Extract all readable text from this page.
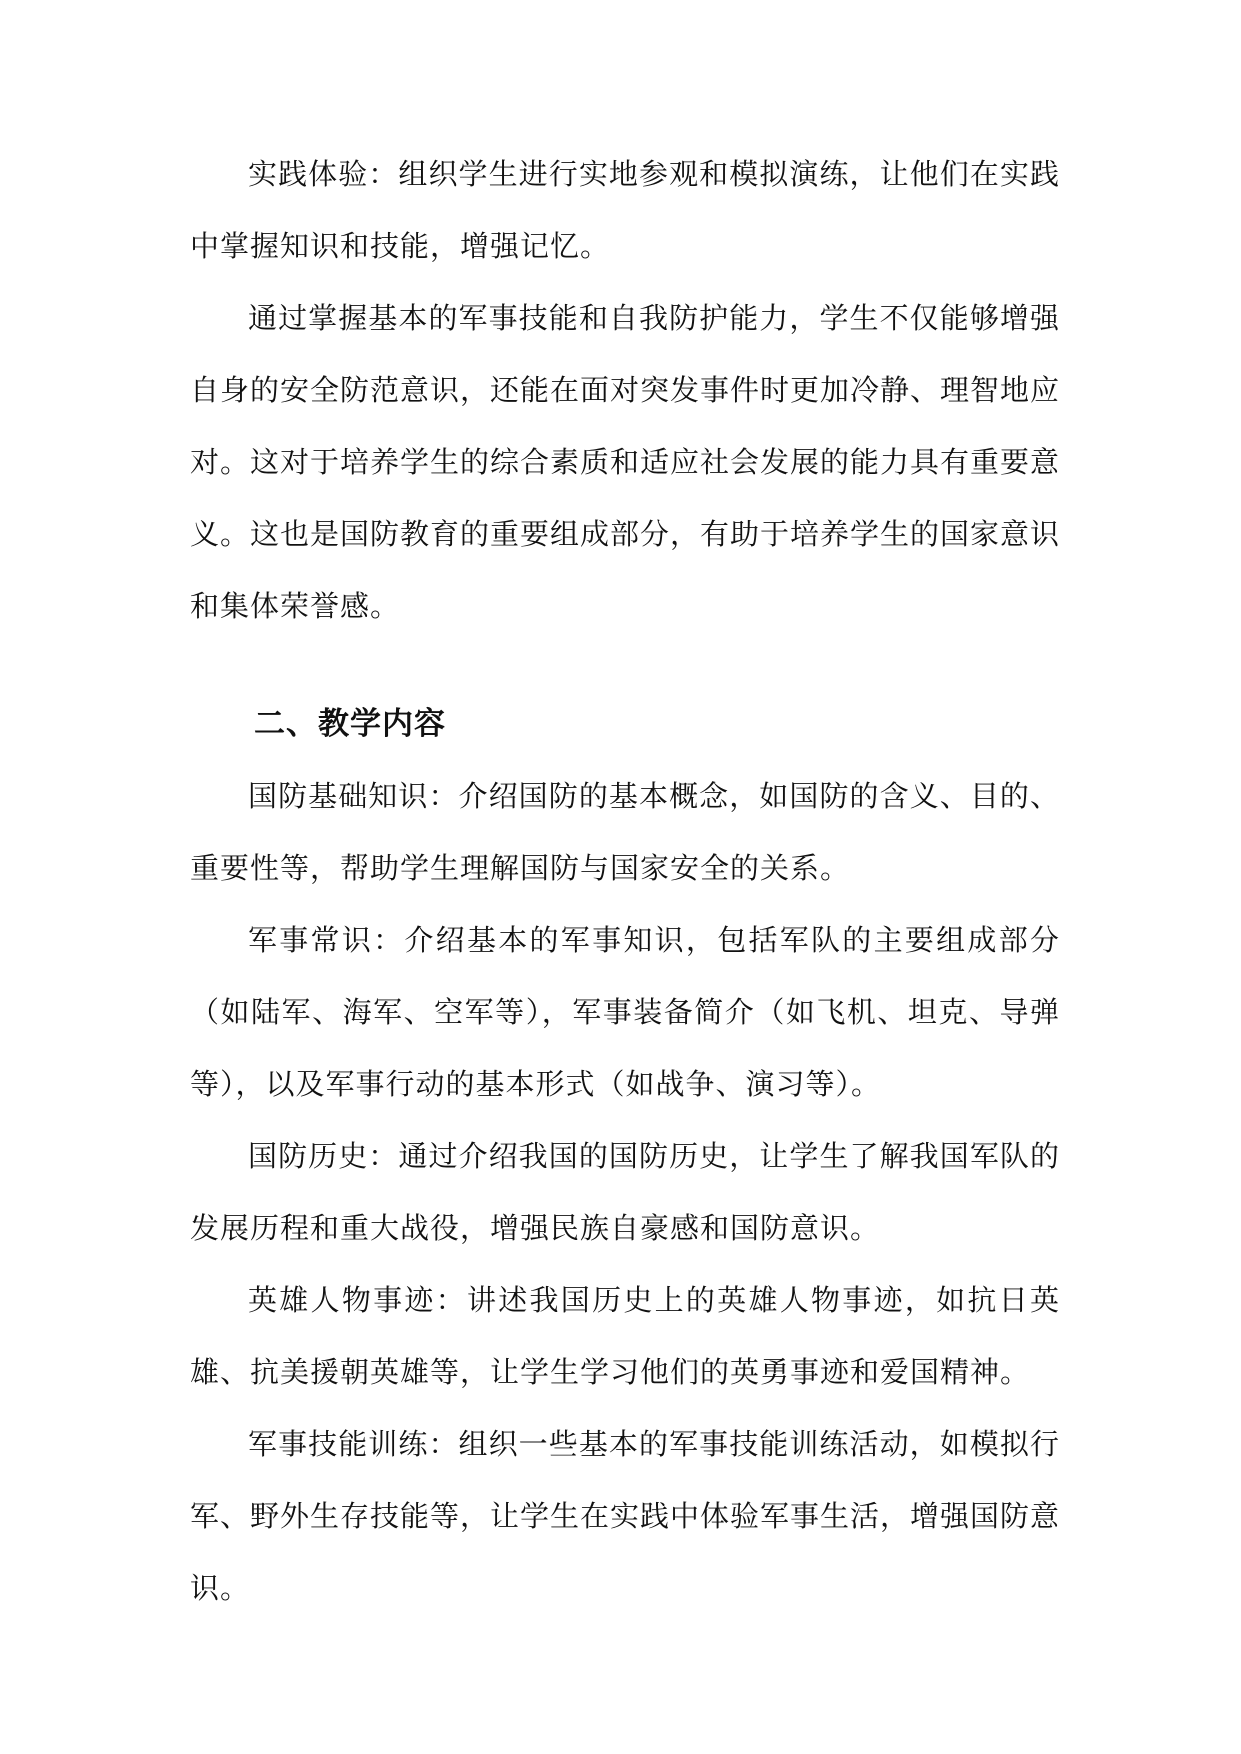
实践体验：组织学生进行实地参观和模拟演练，让他们在实践中掌握知识和技能，增强记忆。

通过掌握基本的军事技能和自我防护能力，学生不仅能够增强自身的安全防范意识，还能在面对突发事件时更加冷静、理智地应对。这对于培养学生的综合素质和适应社会发展的能力具有重要意义。这也是国防教育的重要组成部分，有助于培养学生的国家意识和集体荣誉感。

二、教学内容

国防基础知识：介绍国防的基本概念，如国防的含义、目的、重要性等，帮助学生理解国防与国家安全的关系。

军事常识：介绍基本的军事知识，包括军队的主要组成部分（如陆军、海军、空军等），军事装备简介（如飞机、坦克、导弹等），以及军事行动的基本形式（如战争、演习等）。

国防历史：通过介绍我国的国防历史，让学生了解我国军队的发展历程和重大战役，增强民族自豪感和国防意识。

英雄人物事迹：讲述我国历史上的英雄人物事迹，如抗日英雄、抗美援朝英雄等，让学生学习他们的英勇事迹和爱国精神。

军事技能训练：组织一些基本的军事技能训练活动，如模拟行军、野外生存技能等，让学生在实践中体验军事生活，增强国防意识。
